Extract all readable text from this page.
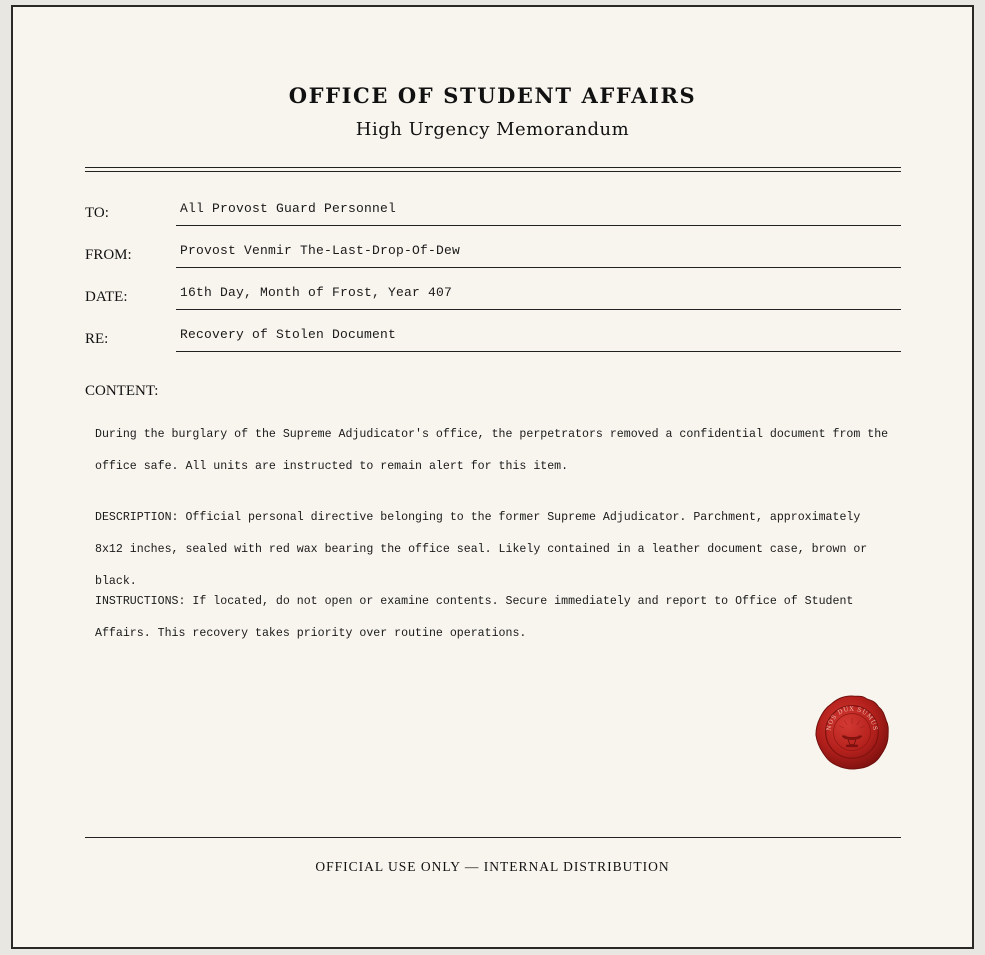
OFFICE OF STUDENT AFFAIRS
High Urgency Memorandum
TO:	All Provost Guard Personnel
FROM:	Provost Venmir The-Last-Drop-Of-Dew
DATE:	16th Day, Month of Frost, Year 407
RE:	Recovery of Stolen Document
CONTENT:

During the burglary of the Supreme Adjudicator's office, the perpetrators removed a confidential document from the office safe. All units are instructed to remain alert for this item.

DESCRIPTION: Official personal directive belonging to the former Supreme Adjudicator. Parchment, approximately 8x12 inches, sealed with red wax bearing the office seal. Likely contained in a leather document case, brown or black.

INSTRUCTIONS: If located, do not open or examine contents. Secure immediately and report to Office of Student Affairs. This recovery takes priority over routine operations.

NOS DUX SUMUS
OFFICIAL USE ONLY — INTERNAL DISTRIBUTION
